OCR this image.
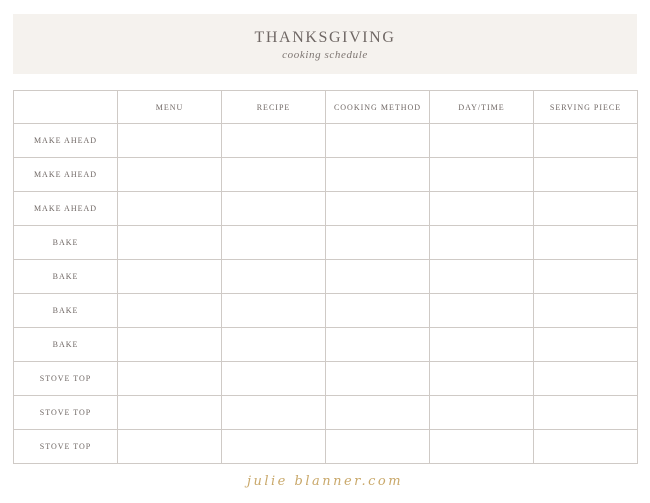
THANKSGIVING
cooking schedule
	MENU	RECIPE	COOKING METHOD	DAY/TIME	SERVING PIECE
MAKE AHEAD					
MAKE AHEAD					
MAKE AHEAD					
BAKE					
BAKE					
BAKE					
BAKE					
STOVE TOP					
STOVE TOP					
STOVE TOP					
julie blanner.com
